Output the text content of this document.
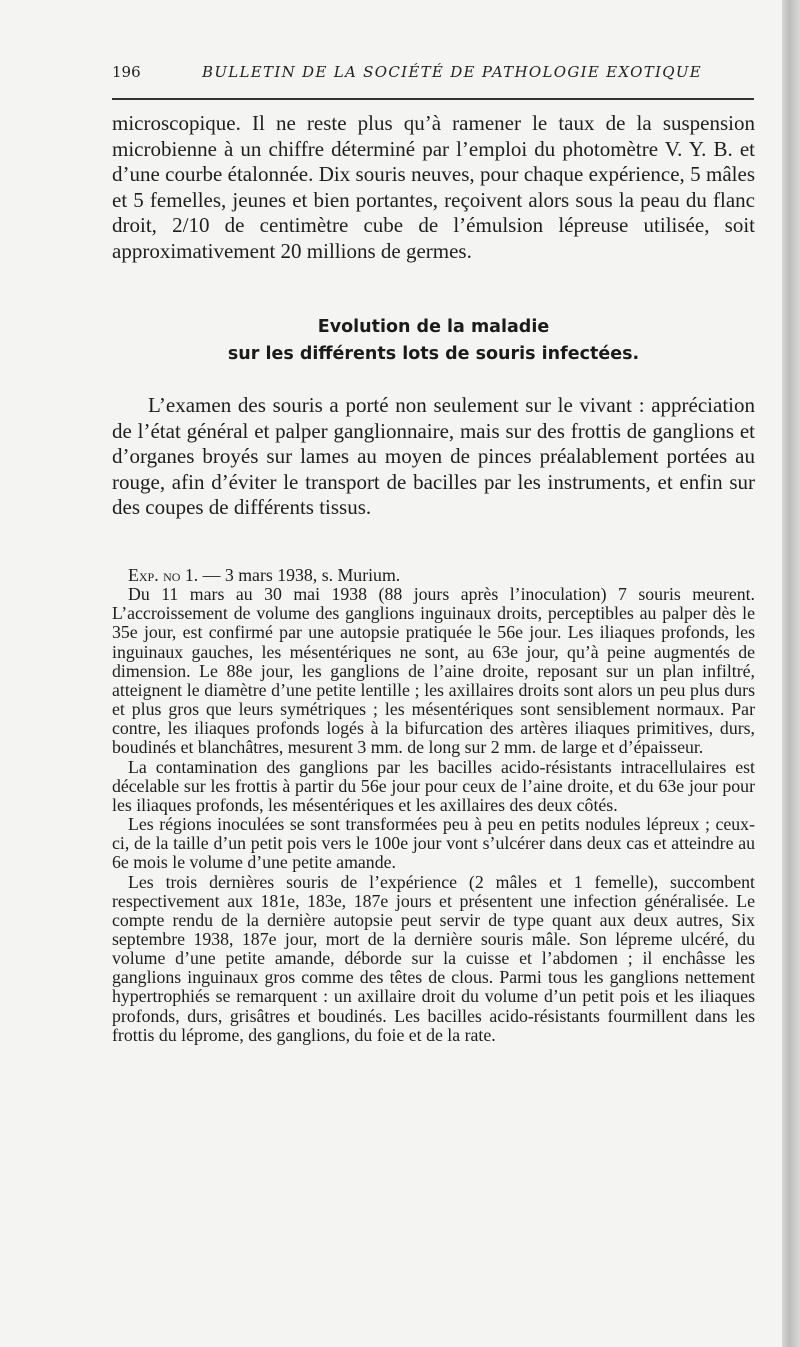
196	BULLETIN DE LA SOCIÉTÉ DE PATHOLOGIE EXOTIQUE

microscopique. Il ne reste plus qu’à ramener le taux de la suspension microbienne à un chiffre déterminé par l’emploi du photomètre V. Y. B. et d’une courbe étalonnée. Dix souris neuves, pour chaque expérience, 5 mâles et 5 femelles, jeunes et bien portantes, reçoivent alors sous la peau du flanc droit, 2/10 de centimètre cube de l’émulsion lépreuse utilisée, soit approximativement 20 millions de germes.

Evolution de la maladie
sur les différents lots de souris infectées.

L’examen des souris a porté non seulement sur le vivant : appréciation de l’état général et palper ganglionnaire, mais sur des frottis de ganglions et d’organes broyés sur lames au moyen de pinces préalablement portées au rouge, afin d’éviter le transport de bacilles par les instruments, et enfin sur des coupes de différents tissus.

Exp. no 1. — 3 mars 1938, s. Murium.

Du 11 mars au 30 mai 1938 (88 jours après l’inoculation) 7 souris meurent. L’accroissement de volume des ganglions inguinaux droits, perceptibles au palper dès le 35e jour, est confirmé par une autopsie pratiquée le 56e jour. Les iliaques profonds, les inguinaux gauches, les mésentériques ne sont, au 63e jour, qu’à peine augmentés de dimension. Le 88e jour, les ganglions de l’aine droite, reposant sur un plan infiltré, atteignent le diamètre d’une petite lentille ; les axillaires droits sont alors un peu plus durs et plus gros que leurs symétriques ; les mésentériques sont sensiblement normaux. Par contre, les iliaques profonds logés à la bifurcation des artères iliaques primitives, durs, boudinés et blanchâtres, mesurent 3 mm. de long sur 2 mm. de large et d’épaisseur.

La contamination des ganglions par les bacilles acido-résistants intracellulaires est décelable sur les frottis à partir du 56e jour pour ceux de l’aine droite, et du 63e jour pour les iliaques profonds, les mésentériques et les axillaires des deux côtés.

Les régions inoculées se sont transformées peu à peu en petits nodules lépreux ; ceux-ci, de la taille d’un petit pois vers le 100e jour vont s’ulcérer dans deux cas et atteindre au 6e mois le volume d’une petite amande.

Les trois dernières souris de l’expérience (2 mâles et 1 femelle), succombent respectivement aux 181e, 183e, 187e jours et présentent une infection généralisée. Le compte rendu de la dernière autopsie peut servir de type quant aux deux autres, Six septembre 1938, 187e jour, mort de la dernière souris mâle. Son lépreme ulcéré, du volume d’une petite amande, déborde sur la cuisse et l’abdomen ; il enchâsse les ganglions inguinaux gros comme des têtes de clous. Parmi tous les ganglions nettement hypertrophiés se remarquent : un axillaire droit du volume d’un petit pois et les iliaques profonds, durs, grisâtres et boudinés. Les bacilles acido-résistants fourmillent dans les frottis du léprome, des ganglions, du foie et de la rate.
